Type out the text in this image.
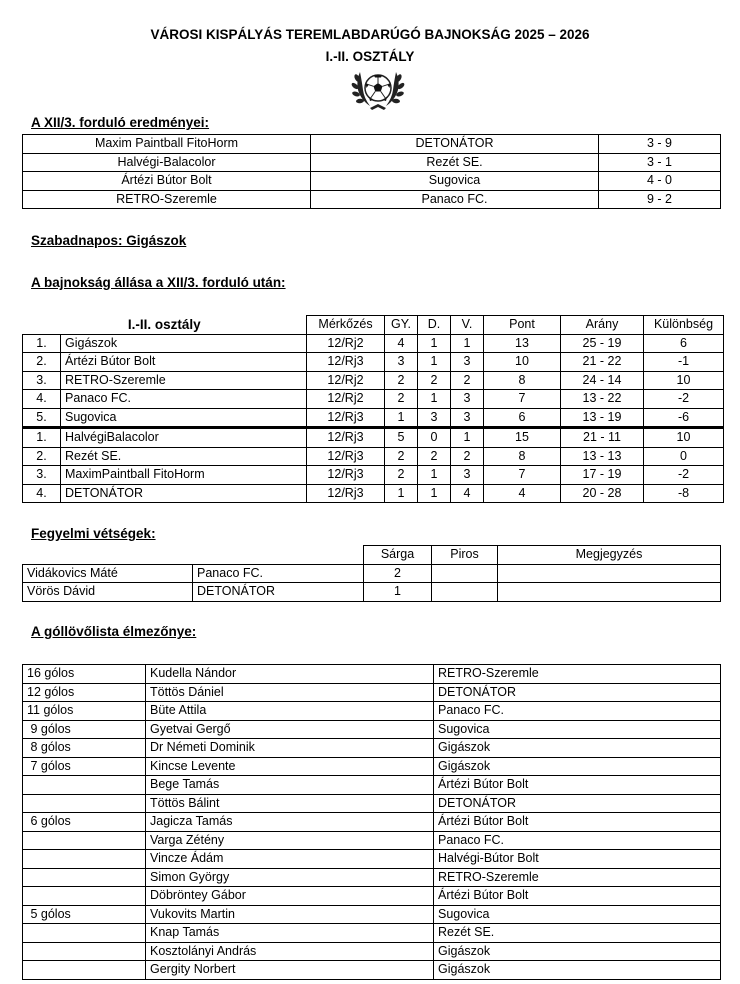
VÁROSI KISPÁLYÁS TEREMLABDARÚGÓ BAJNOKSÁG 2025 – 2026
I.-II. OSZTÁLY
A XII/3. forduló eredményei:
Maxim Paintball FitoHorm	DETONÁTOR	3 - 9
Halvégi-Balacolor	Rezét SE.	3 - 1
Ártézi Bútor Bolt	Sugovica	4 - 0
RETRO-Szeremle	Panaco FC.	9 - 2
Szabadnapos: Gigászok
A bajnokság állása a XII/3. forduló után:
I.-II. osztály		Mérkőzés	GY.	D.	V.	Pont	Arány	Különbség
1.	Gigászok	12/Rj2	4	1	1	13	25 - 19	6
2.	Ártézi Bútor Bolt	12/Rj3	3	1	3	10	21 - 22	-1
3.	RETRO-Szeremle	12/Rj2	2	2	2	8	24 - 14	10
4.	Panaco FC.	12/Rj2	2	1	3	7	13 - 22	-2
5.	Sugovica	12/Rj3	1	3	3	6	13 - 19	-6
1.	HalvégiBalacolor	12/Rj3	5	0	1	15	21 - 11	10
2.	Rezét SE.	12/Rj3	2	2	2	8	13 - 13	0
3.	MaximPaintball FitoHorm	12/Rj3	2	1	3	7	17 - 19	-2
4.	DETONÁTOR	12/Rj3	1	1	4	4	20 - 28	-8
Fegyelmi vétségek:
		Sárga	Piros	Megjegyzés
Vidákovics Máté	Panaco FC.	2		
Vörös Dávid	DETONÁTOR	1		
A góllövőlista élmezőnye:
16 gólos	Kudella Nándor	RETRO-Szeremle
12 gólos	Töttös Dániel	DETONÁTOR
11 gólos	Büte Attila	Panaco FC.
9 gólos	Gyetvai Gergő	Sugovica
8 gólos	Dr Németi Dominik	Gigászok
7 gólos	Kincse Levente	Gigászok
	Bege Tamás	Ártézi Bútor Bolt
	Töttös Bálint	DETONÁTOR
6 gólos	Jagicza Tamás	Ártézi Bútor Bolt
	Varga Zétény	Panaco FC.
	Vincze Ádám	Halvégi-Bútor Bolt
	Simon György	RETRO-Szeremle
	Döbröntey Gábor	Ártézi Bútor Bolt
5 gólos	Vukovits Martin	Sugovica
	Knap Tamás	Rezét SE.
	Kosztolányi András	Gigászok
	Gergity Norbert	Gigászok
